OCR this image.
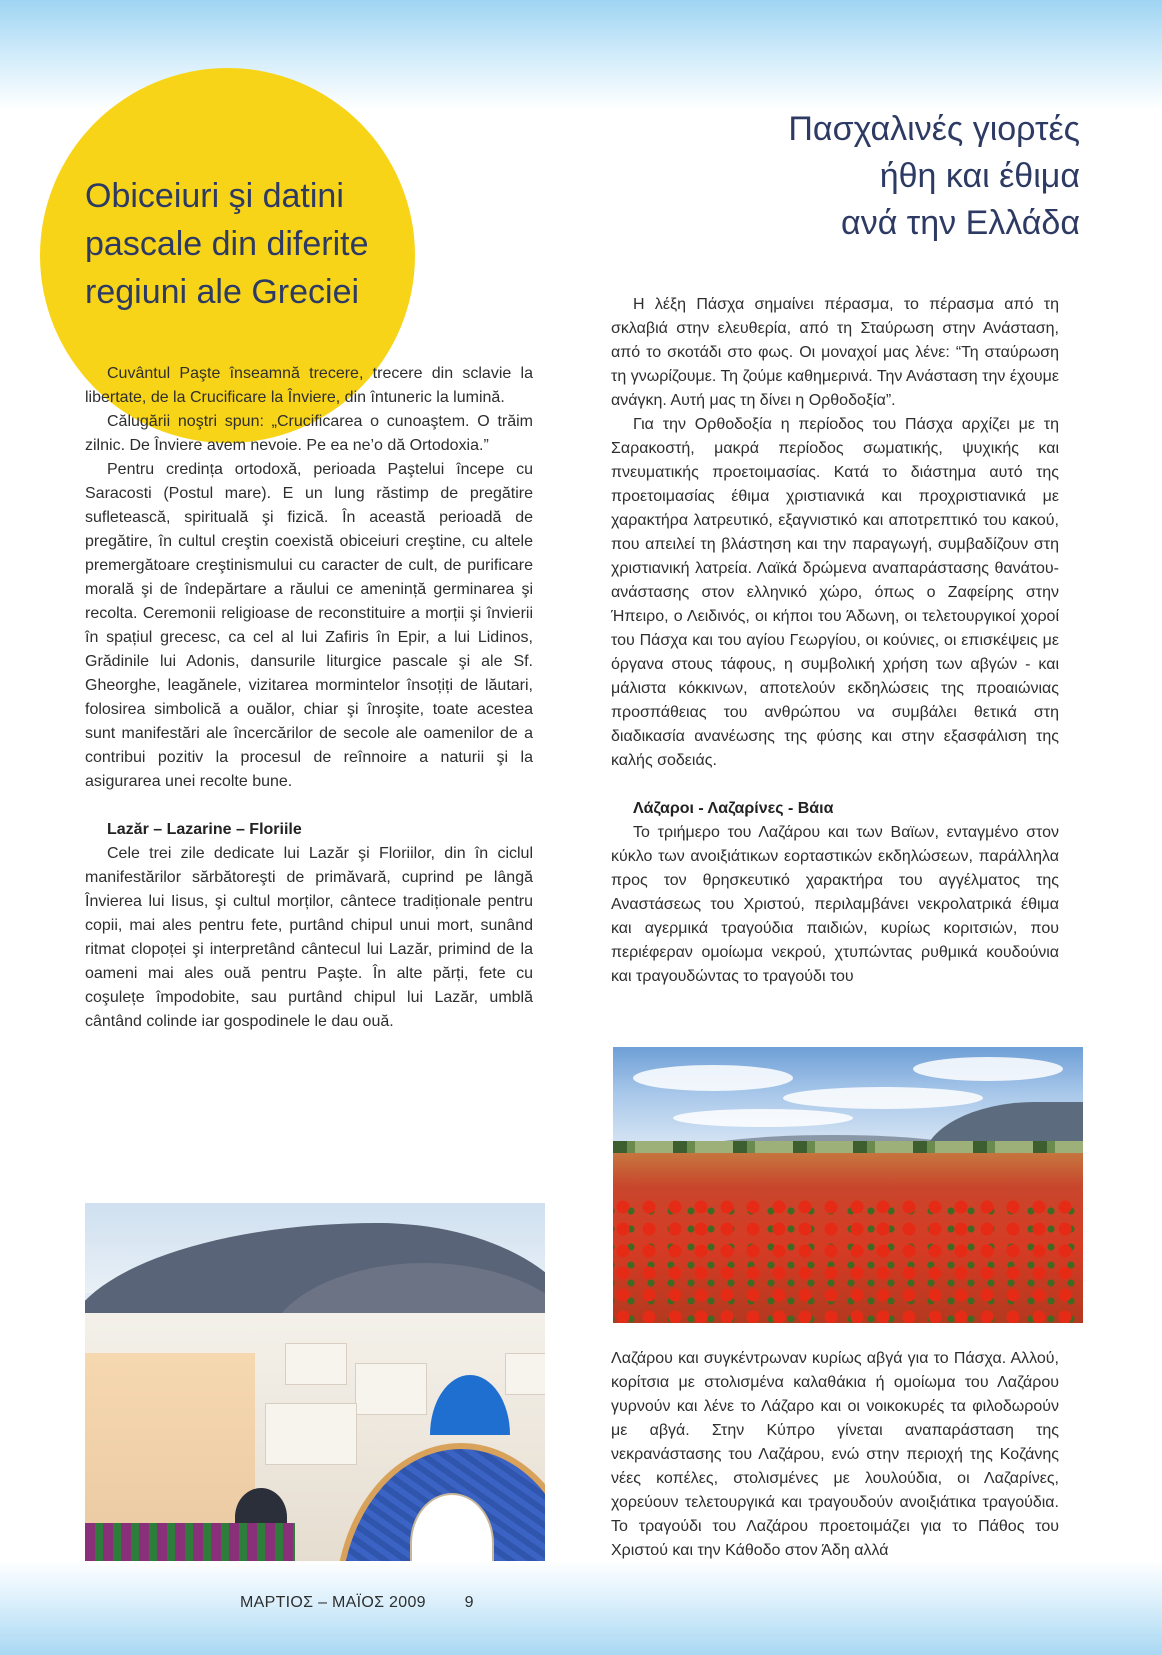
Obiceiuri şi datini
pascale din diferite
regiuni ale Greciei
Πασχαλινές γιορτές
ήθη και έθιμα
ανά την Ελλάδα

Cuvântul Paşte înseamnă trecere, trecere din sclavie la libertate, de la Crucificare la Înviere, din întuneric la lumină.

Călugării noştri spun: „Crucificarea o cunoaştem. O trăim zilnic. De Înviere avem nevoie. Pe ea ne’o dă Ortodoxia.”

Pentru credința ortodoxă, perioada Paştelui începe cu Saracosti (Postul mare). E un lung răstimp de pregătire sufletească, spirituală şi fizică. În această perioadă de pregătire, în cultul creştin coexistă obiceiuri creştine, cu altele premergătoare creştinismului cu caracter de cult, de purificare morală şi de îndepărtare a răului ce amenință germinarea şi recolta. Ceremonii religioase de reconstituire a morții şi învierii în spațiul grecesc, ca cel al lui Zafiris în Epir, a lui Lidinos, Grădinile lui Adonis, dansurile liturgice pascale şi ale Sf. Gheorghe, leagănele, vizitarea mormintelor însoțiți de lăutari, folosirea simbolică a ouălor, chiar şi înroşite, toate acestea sunt manifestări ale încercărilor de secole ale oamenilor de a contribui pozitiv la procesul de reînnoire a naturii şi la asigurarea unei recolte bune.

Lazăr – Lazarine – Floriile

Cele trei zile dedicate lui Lazăr şi Floriilor, din în ciclul manifestărilor sărbătoreşti de primăvară, cuprind pe lângă Învierea lui Iisus, şi cultul morților, cântece tradiționale pentru copii, mai ales pentru fete, purtând chipul unui mort, sunând ritmat clopoței şi interpretând cântecul lui Lazăr, primind de la oameni mai ales ouă pentru Paşte. În alte părți, fete cu coşulețe împodobite, sau purtând chipul lui Lazăr, umblă cântând colinde iar gospodinele le dau ouă.

Η λέξη Πάσχα σημαίνει πέρασμα, το πέρασμα από τη σκλαβιά στην ελευθερία, από τη Σταύρωση στην Ανάσταση, από το σκοτάδι στο φως. Οι μοναχοί μας λένε: “Τη σταύρωση τη γνωρίζουμε. Τη ζούμε καθημερινά. Την Ανάσταση την έχουμε ανάγκη. Αυτή μας τη δίνει η Ορθοδοξία”.

Για την Ορθοδοξία η περίοδος του Πάσχα αρχίζει με τη Σαρακοστή, μακρά περίοδος σωματικής, ψυχικής και πνευματικής προετοιμασίας. Κατά το διάστημα αυτό της προετοιμασίας έθιμα χριστιανικά και προχριστιανικά με χαρακτήρα λατρευτικό, εξαγνιστικό και αποτρεπτικό του κακού, που απειλεί τη βλάστηση και την παραγωγή, συμβαδίζουν στη χριστιανική λατρεία. Λαϊκά δρώμενα αναπαράστασης θανάτου-ανάστασης στον ελληνικό χώρο, όπως ο Ζαφείρης στην Ήπειρο, ο Λειδινός, οι κήποι του Άδωνη, οι τελετουργικοί χοροί του Πάσχα και του αγίου Γεωργίου, οι κούνιες, οι επισκέψεις με όργανα στους τάφους, η συμβολική χρήση των αβγών - και μάλιστα κόκκινων, αποτελούν εκδηλώσεις της προαιώνιας προσπάθειας του ανθρώπου να συμβάλει θετικά στη διαδικασία ανανέωσης της φύσης και στην εξασφάλιση της καλής σοδειάς.

Λάζαροι - Λαζαρίνες - Βάια

Το τριήμερο του Λαζάρου και των Βαϊων, ενταγμένο στον κύκλο των ανοιξιάτικων εορταστικών εκδηλώσεων, παράλληλα προς τον θρησκευτικό χαρακτήρα του αγγέλματος της Αναστάσεως του Χριστού, περιλαμβάνει νεκρολατρικά έθιμα και αγερμικά τραγούδια παιδιών, κυρίως κοριτσιών, που περιέφεραν ομοίωμα νεκρού, χτυπώντας ρυθμικά κουδούνια και τραγουδώντας το τραγούδι του

Λαζάρου και συγκέντρωναν κυρίως αβγά για το Πάσχα. Αλλού, κορίτσια με στολισμένα καλαθάκια ή ομοίωμα του Λαζάρου γυρνούν και λένε το Λάζαρο και οι νοικοκυρές τα φιλοδωρούν με αβγά. Στην Κύπρο γίνεται αναπαράσταση της νεκρανάστασης του Λαζάρου, ενώ στην περιοχή της Κοζάνης νέες κοπέλες, στολισμένες με λουλούδια, οι Λαζαρίνες, χορεύουν τελετουργικά και τραγουδούν ανοιξιάτικα τραγούδια. Το τραγούδι του Λαζάρου προετοιμάζει για το Πάθος του Χριστού και την Κάθοδο στον Άδη αλλά

ΜΑΡΤΙΟΣ – ΜΑΪΟΣ 2009 9
